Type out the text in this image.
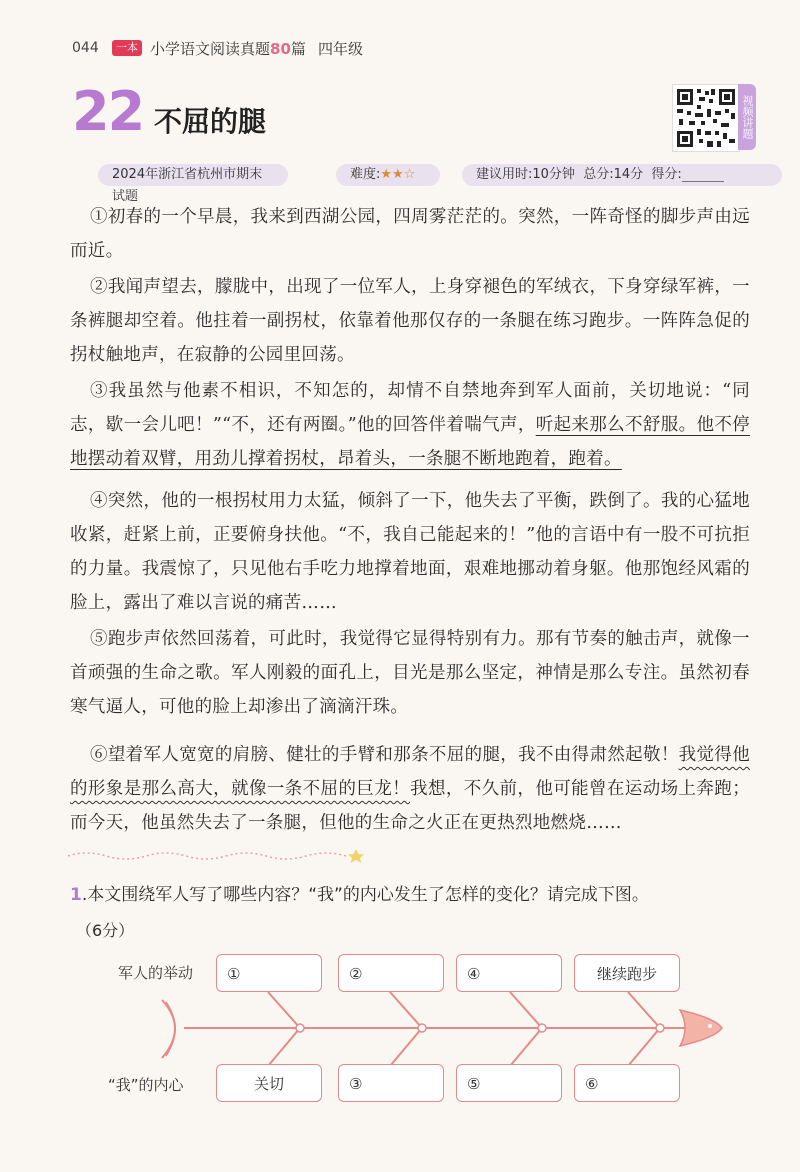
044	一本 小学语文阅读真题80篇 四年级
22 不屈的腿	视频讲题
2024年浙江省杭州市期末试题
难度:★★☆	建议用时:10分钟 总分:14分 得分:

①初春的一个早晨，我来到西湖公园，四周雾茫茫的。突然，一阵奇怪的脚步声由远而近。

②我闻声望去，朦胧中，出现了一位军人，上身穿褪色的军绒衣，下身穿绿军裤，一条裤腿却空着。他拄着一副拐杖，依靠着他那仅存的一条腿在练习跑步。一阵阵急促的拐杖触地声，在寂静的公园里回荡。

③我虽然与他素不相识，不知怎的，却情不自禁地奔到军人面前，关切地说：“同志，歇一会儿吧！”“不，还有两圈。”他的回答伴着喘气声，听起来那么不舒服。他不停地摆动着双臂，用劲儿撑着拐杖，昂着头，一条腿不断地跑着，跑着。

④突然，他的一根拐杖用力太猛，倾斜了一下，他失去了平衡，跌倒了。我的心猛地收紧，赶紧上前，正要俯身扶他。“不，我自己能起来的！”他的言语中有一股不可抗拒的力量。我震惊了，只见他右手吃力地撑着地面，艰难地挪动着身躯。他那饱经风霜的脸上，露出了难以言说的痛苦……

⑤跑步声依然回荡着，可此时，我觉得它显得特别有力。那有节奏的触击声，就像一首顽强的生命之歌。军人刚毅的面孔上，目光是那么坚定，神情是那么专注。虽然初春寒气逼人，可他的脸上却渗出了滴滴汗珠。

⑥望着军人宽宽的肩膀、健壮的手臂和那条不屈的腿，我不由得肃然起敬！我觉得他的形象是那么高大，就像一条不屈的巨龙！我想，不久前，他可能曾在运动场上奔跑；而今天，他虽然失去了一条腿，但他的生命之火正在更热烈地燃烧……

1.本文围绕军人写了哪些内容？“我”的内心发生了怎样的变化？请完成下图。
（6分）
军人的举动
“我”的内心
①	②	④	继续跑步
关切	③	⑤	⑥
